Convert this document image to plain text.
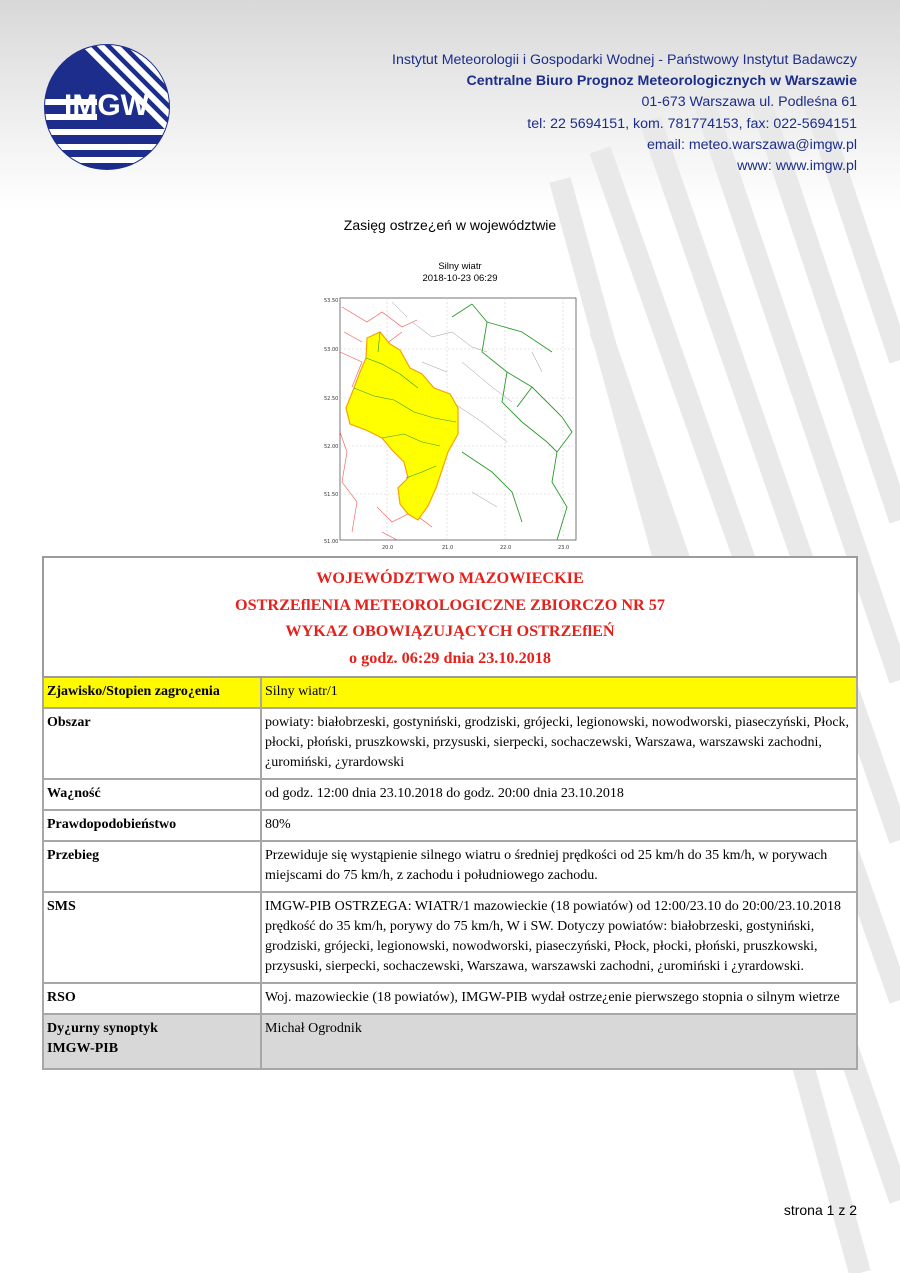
IMGW
Instytut Meteorologii i Gospodarki Wodnej - Państwowy Instytut Badawczy
Centralne Biuro Prognoz Meteorologicznych w Warszawie
01-673 Warszawa ul. Podleśna 61
tel: 22 5694151, kom. 781774153, fax: 022-5694151
email: meteo.warszawa@imgw.pl
www: www.imgw.pl
Zasięg ostrze¿eń w województwie
Silny wiatr
2018-10-23 06:29
53.50
53.00
52.50
52.00
51.50
51.00
20.0	21.0	22.0	23.0
WOJEWÓDZTWO MAZOWIECKIE
OSTRZEflENIA METEOROLOGICZNE ZBIORCZO NR 57
WYKAZ OBOWIĄZUJĄCYCH OSTRZEflEŃ
o godz. 06:29 dnia 23.10.2018	

Zjawisko/Stopien zagro¿enia	Silny wiatr/1
Obszar	powiaty: białobrzeski, gostyniński, grodziski, grójecki, legionowski, nowodworski, piaseczyński, Płock, płocki, płoński, pruszkowski, przysuski, sierpecki, sochaczewski, Warszawa, warszawski zachodni, ¿uromiński, ¿yrardowski
Wa¿ność	od godz. 12:00 dnia 23.10.2018 do godz. 20:00 dnia 23.10.2018
Prawdopodobieństwo	80%
Przebieg	Przewiduje się wystąpienie silnego wiatru o średniej prędkości od 25 km/h do 35 km/h, w porywach miejscami do 75 km/h, z zachodu i południowego zachodu.
SMS	IMGW-PIB OSTRZEGA: WIATR/1 mazowieckie (18 powiatów) od 12:00/23.10 do 20:00/23.10.2018 prędkość do 35 km/h, porywy do 75 km/h, W i SW. Dotyczy powiatów: białobrzeski, gostyniński, grodziski, grójecki, legionowski, nowodworski, piaseczyński, Płock, płocki, płoński, pruszkowski, przysuski, sierpecki, sochaczewski, Warszawa, warszawski zachodni, ¿uromiński i ¿yrardowski.
RSO	Woj. mazowieckie (18 powiatów), IMGW-PIB wydał ostrze¿enie pierwszego stopnia o silnym wietrze

Dy¿urny synoptyk
IMGW-PIB	Michał Ogrodnik
strona 1 z 2
